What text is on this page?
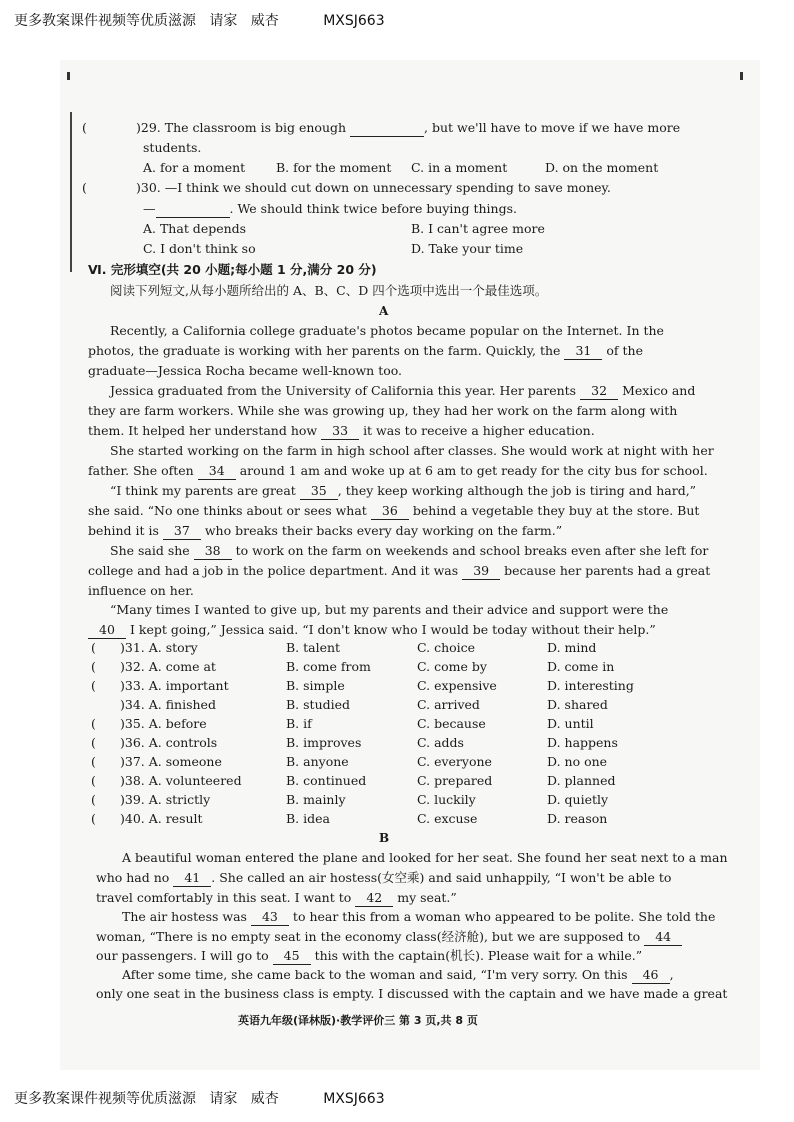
更多教案课件视频等优质滋源   请家   威杏          MXSJ663
(	)29. The classroom is big enough	, but we'll have to move if we have more
students.
A. for a moment B. for the moment C. in a moment	D. on the moment
(	)30. —I think we should cut down on unnecessary spending to save money.
—	. We should think twice before buying things.
A. That depends	B. I can't agree more
C. I don't think so	D. Take your time
Ⅵ. 完形填空(共 20 小题;每小题 1 分,满分 20 分)
阅读下列短文,从每小题所给出的 A、B、C、D 四个选项中选出一个最佳选项。
A
Recently, a California college graduate's photos became popular on the Internet. In the
photos, the graduate is working with her parents on the farm. Quickly, the 31 of the
graduate—Jessica Rocha became well-known too.
Jessica graduated from the University of California this year. Her parents 32 Mexico and
they are farm workers. While she was growing up, they had her work on the farm along with
them. It helped her understand how 33 it was to receive a higher education.
She started working on the farm in high school after classes. She would work at night with her
father. She often 34 around 1 am and woke up at 6 am to get ready for the city bus for school.
“I think my parents are great 35 , they keep working although the job is tiring and hard,”
she said. “No one thinks about or sees what 36 behind a vegetable they buy at the store. But
behind it is 37 who breaks their backs every day working on the farm.”
She said she 38 to work on the farm on weekends and school breaks even after she left for
college and had a job in the police department. And it was 39 because her parents had a great
influence on her.
“Many times I wanted to give up, but my parents and their advice and support were the
40 I kept going,” Jessica said. “I don't know who I would be today without their help.”
( )31. A. story	B. talent	C. choice	D. mind
( )32. A. come at	B. come from	C. come by	D. come in
( )33. A. important	B. simple	C. expensive	D. interesting
)34. A. finished	B. studied	C. arrived	D. shared
( )35. A. before	B. if	C. because	D. until
( )36. A. controls	B. improves	C. adds	D. happens
( )37. A. someone	B. anyone	C. everyone	D. no one
( )38. A. volunteered	B. continued	C. prepared	D. planned
( )39. A. strictly	B. mainly	C. luckily	D. quietly
( )40. A. result	B. idea	C. excuse	D. reason
B
A beautiful woman entered the plane and looked for her seat. She found her seat next to a man
who had no 41 . She called an air hostess(女空乘) and said unhappily, “I won't be able to
travel comfortably in this seat. I want to 42 my seat.”
The air hostess was 43 to hear this from a woman who appeared to be polite. She told the
woman, “There is no empty seat in the economy class(经济舱), but we are supposed to 44
our passengers. I will go to 45 this with the captain(机长). Please wait for a while.”
After some time, she came back to the woman and said, “I'm very sorry. On this 46 ,
only one seat in the business class is empty. I discussed with the captain and we have made a great
英语九年级(译林版)·教学评价三 第 3 页,共 8 页
更多教案课件视频等优质滋源   请家   威杏          MXSJ663
